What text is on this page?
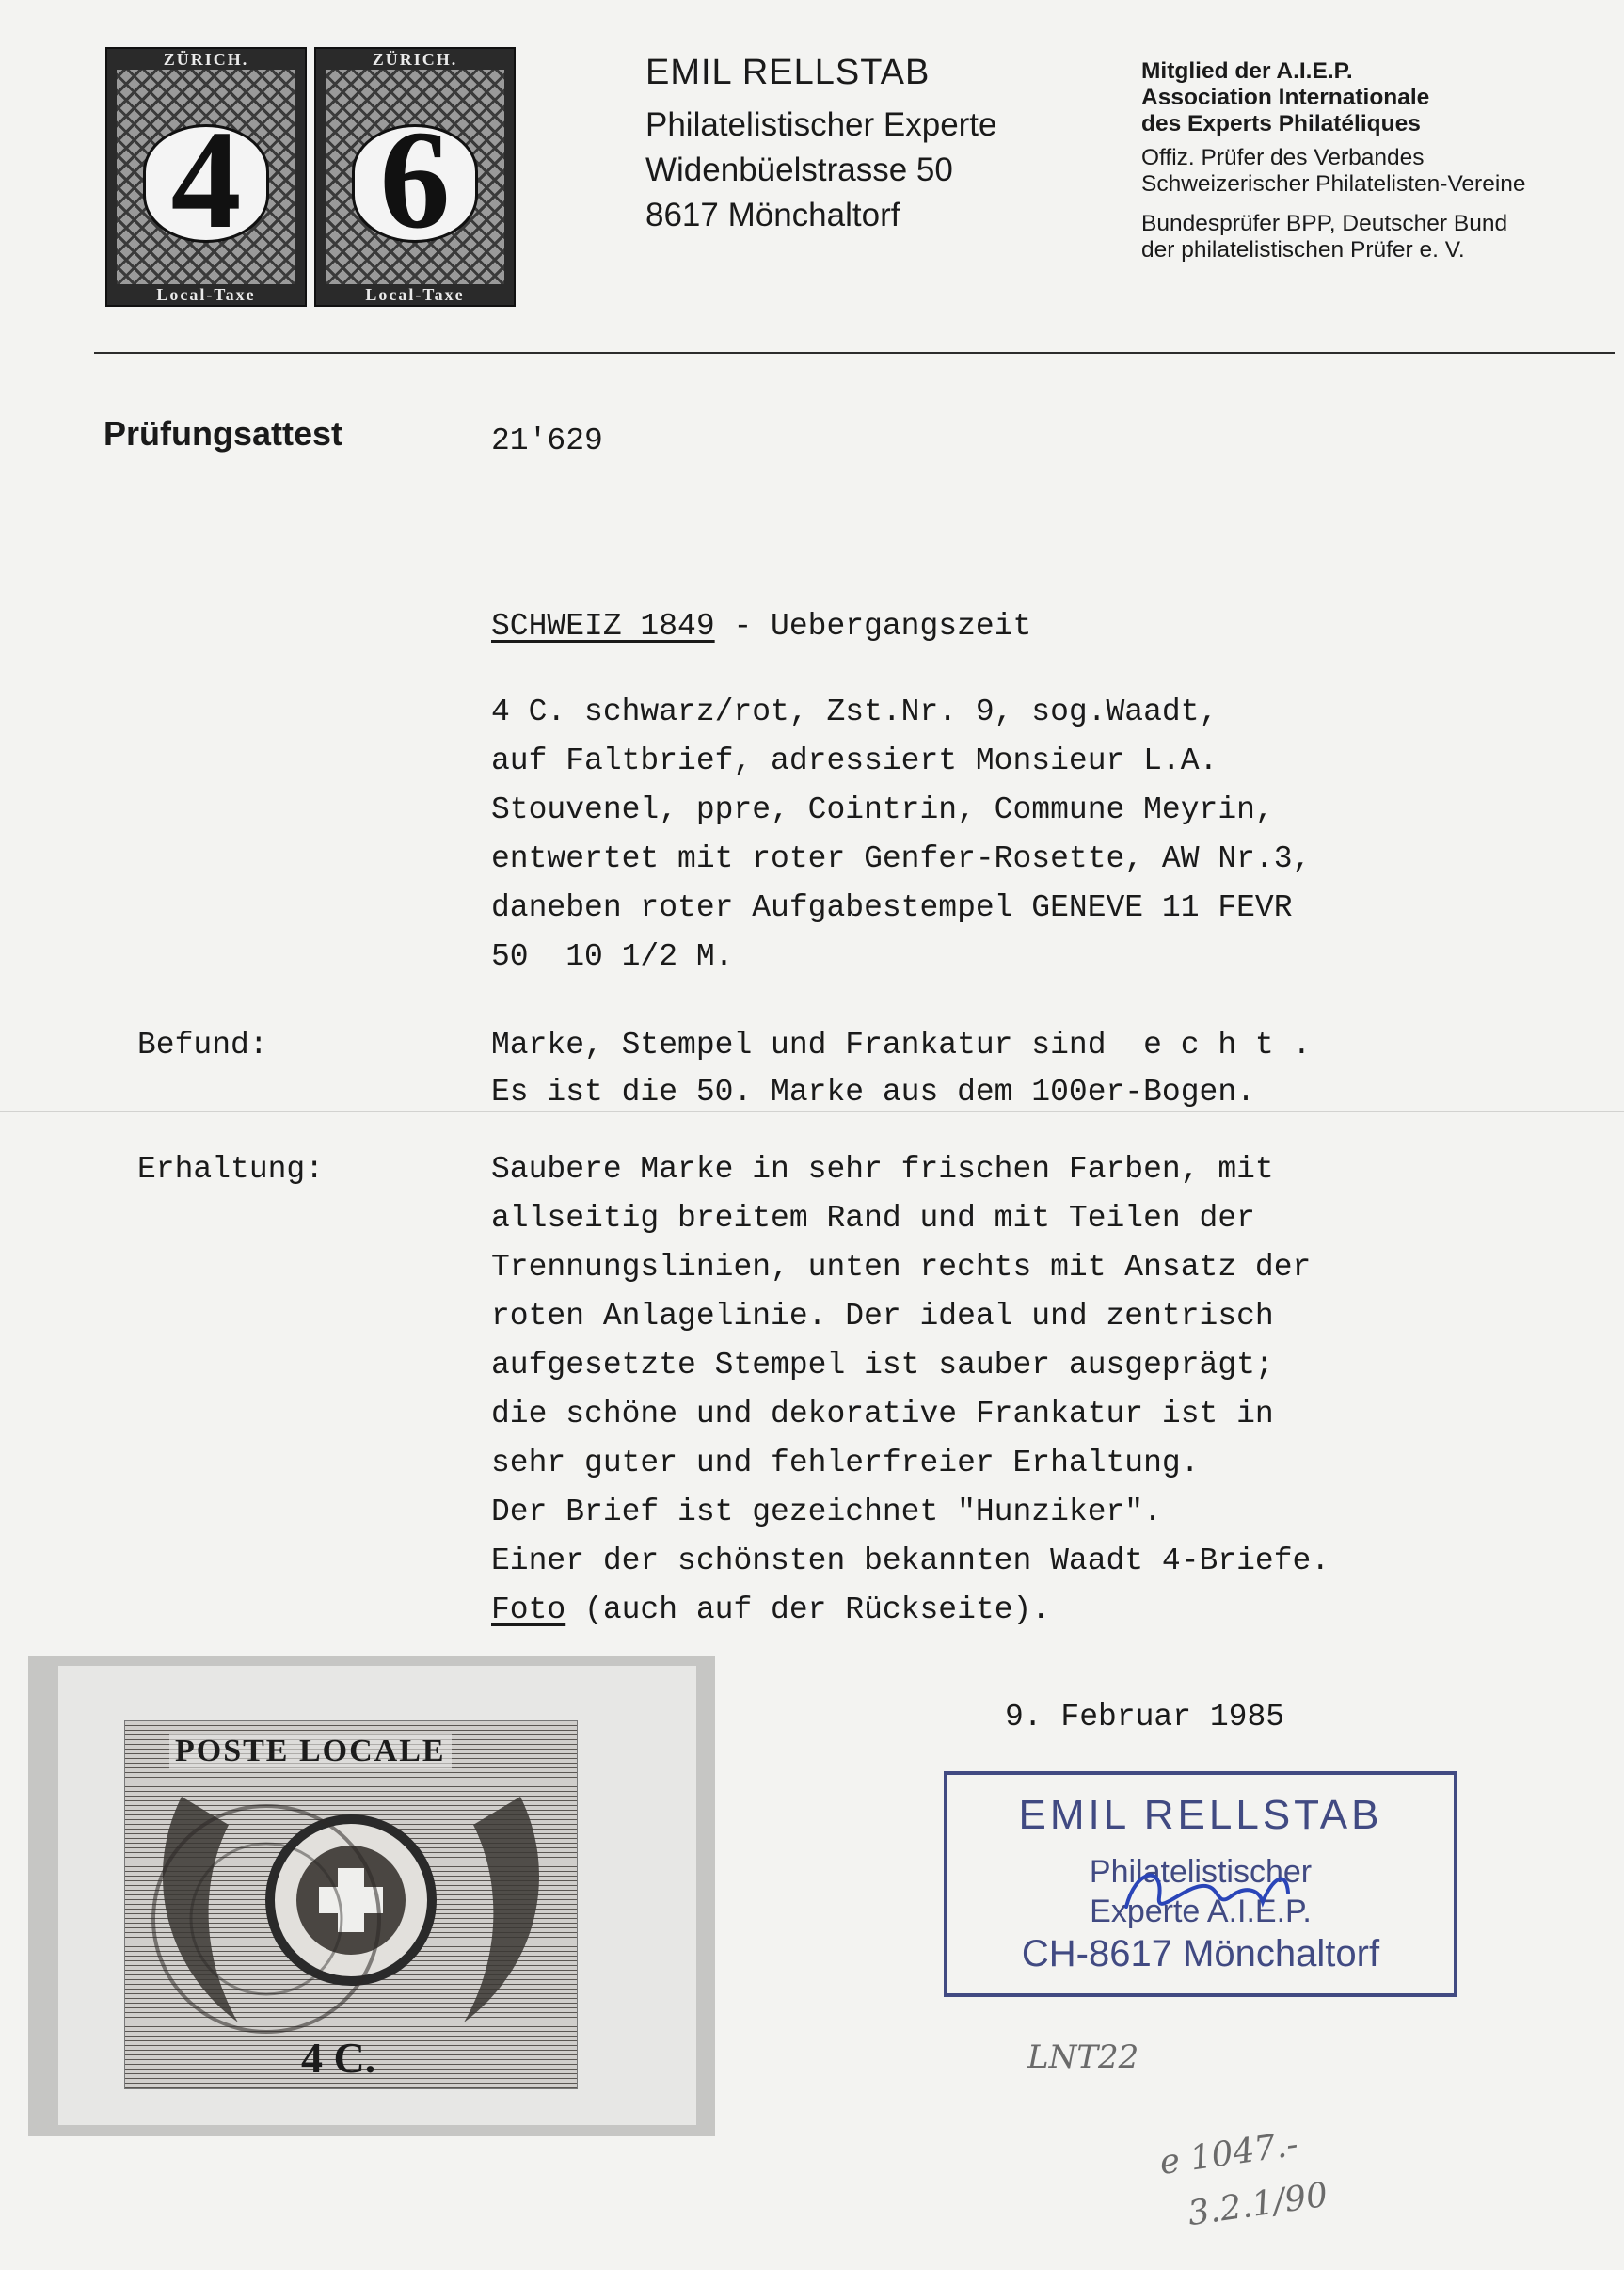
ZÜRICH.
4
Local-Taxe
ZÜRICH.
6
Local-Taxe
EMIL RELLSTAB
Philatelistischer Experte
Widenbüelstrasse 50
8617 Mönchaltorf
Mitglied der A.I.E.P.
Association Internationale
des Experts Philatéliques
Offiz. Prüfer des Verbandes
Schweizerischer Philatelisten-Vereine
Bundesprüfer BPP, Deutscher Bund
der philatelistischen Prüfer e. V.
Prüfungsattest	21'629
SCHWEIZ 1849 - Uebergangszeit
4 C. schwarz/rot, Zst.Nr. 9, sog.Waadt,
auf Faltbrief, adressiert Monsieur L.A.
Stouvenel, ppre, Cointrin, Commune Meyrin,
entwertet mit roter Genfer-Rosette, AW Nr.3,
daneben roter Aufgabestempel GENEVE 11 FEVR
50  10 1/2 M.
Befund:	Marke, Stempel und Frankatur sind  e c h t .
Es ist die 50. Marke aus dem 100er-Bogen.
Erhaltung:	Saubere Marke in sehr frischen Farben, mit
allseitig breitem Rand und mit Teilen der
Trennungslinien, unten rechts mit Ansatz der
roten Anlagelinie. Der ideal und zentrisch
aufgesetzte Stempel ist sauber ausgeprägt;
die schöne und dekorative Frankatur ist in
sehr guter und fehlerfreier Erhaltung.
Der Brief ist gezeichnet "Hunziker".
Einer der schönsten bekannten Waadt 4-Briefe.
Foto (auch auf der Rückseite).
POSTE LOCALE
4 C.
9. Februar 1985
EMIL RELLSTAB
Philatelistischer
Experte A.I.E.P.
CH-8617 Mönchaltorf
LNT22
e 1047.-
3.2.1/90
